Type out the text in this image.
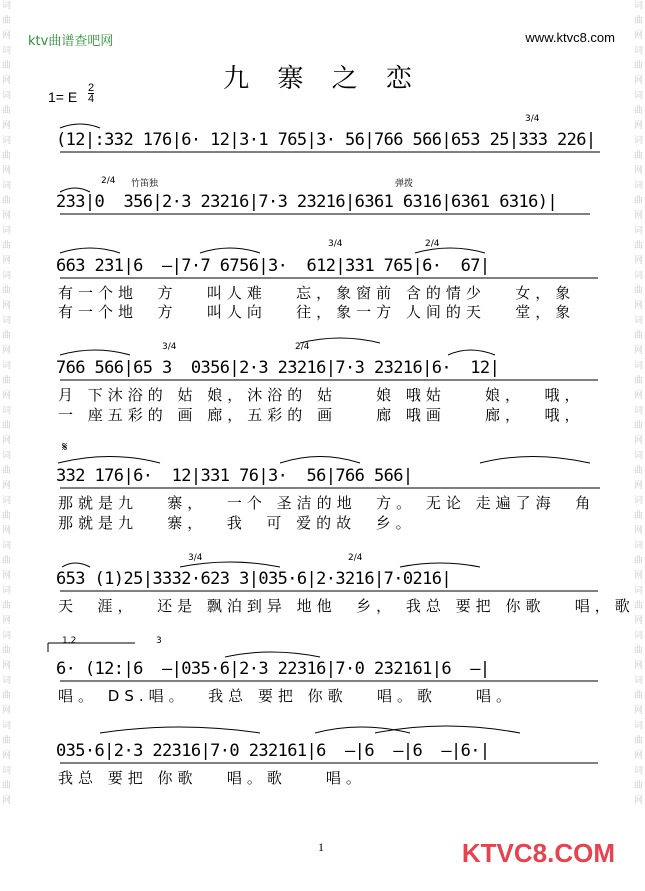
词
曲
网
词
曲
网
词
曲
网
词
曲
网
词
曲
网
词
曲
网
词
曲
网
词
曲
网
词
曲
网
词
曲
网
词
曲
网
词
曲
网
词
曲
网
词
曲
网
词
曲
网
词
曲
网
词
曲
网
词
曲
网
词
曲
网
词
曲
网
词
曲
网
词
曲
网
词
曲
网
词
曲
网
词
曲
网
词
曲
网
词
曲
网
词
曲
网
词
曲
网
词
曲
网
词
曲
网
词
曲
网
词
曲
网
词
曲
网
词
曲
网
词
曲
网
ktv曲谱查吧网	www.ktvc8.com
九 寨 之 恋
1= E
2
4
3/4
(12|:332 176|6· 12|3·1 765|3· 56|766 566|653 25|333 226|
2/4 竹笛独	弹拨
233|0  356|2·3 23216|7·3 23216|6361 6316|6361 6316)|
3/4	2/4
663 231|6  —|7·7 6756|3·  612|331 765|6·  67|
有一个地  方   叫人难   忘，象窗前 含的情少   女，象
有一个地  方   叫人向   往，象一方 人间的天   堂，象
3/4	2/4
766 566|65 3  0356|2·3 23216|7·3 23216|6·  12|
月 下沐浴的 姑 娘，沐浴的 姑    娘 哦姑    娘，  哦，
一 座五彩的 画 廊，五彩的 画    廊 哦画    廊，  哦，
𝄋
332 176|6·  12|331 76|3·  56|766 566|
那就是九   寨，  一个 圣洁的地  方。 无论 走遍了海  角
那就是九   寨，  我  可 爱的故  乡。
3/4	2/4
653 (1)25|3332·623 3|035·6|2·3216|7·0216|
天  涯，  还是 飘泊到异 地他  乡， 我总 要把 你歌   唱，歌
1.2	3
6· (12:|6  —|035·6|2·3 22316|7·0 232161|6  —|
唱。 DS.唱。  我总 要把 你歌   唱。歌    唱。
035·6|2·3 22316|7·0 232161|6  —|6  —|6  —|6·|
我总 要把 你歌   唱。歌    唱。
1	KTVC8.COM
